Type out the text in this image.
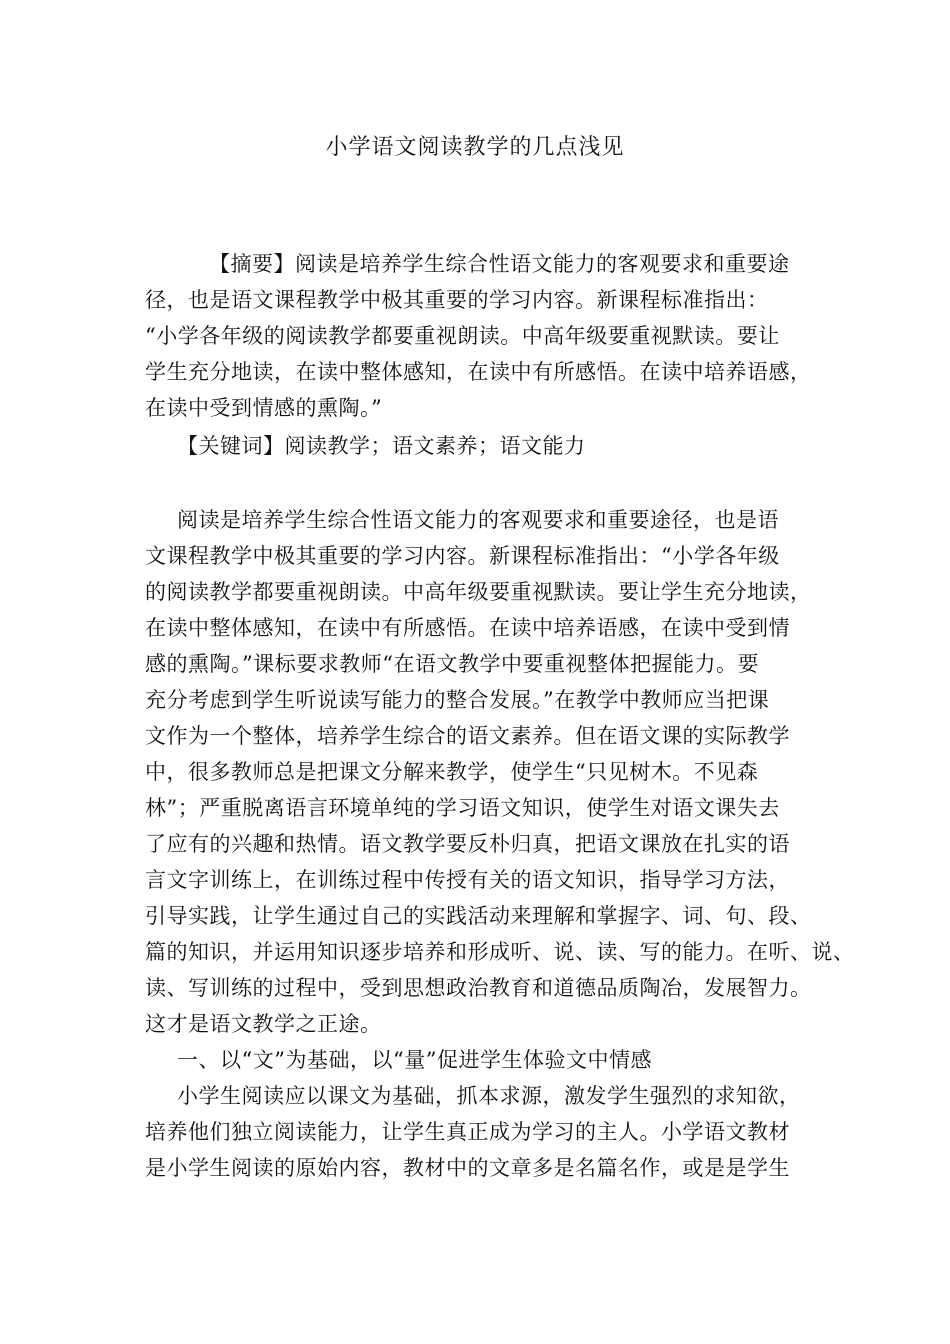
小学语文阅读教学的几点浅见
【摘要】阅读是培养学生综合性语文能力的客观要求和重要途
径，也是语文课程教学中极其重要的学习内容。新课程标准指出：
“小学各年级的阅读教学都要重视朗读。中高年级要重视默读。要让
学生充分地读，在读中整体感知，在读中有所感悟。在读中培养语感，
在读中受到情感的熏陶。”
【关键词】阅读教学；语文素养；语文能力
阅读是培养学生综合性语文能力的客观要求和重要途径，也是语
文课程教学中极其重要的学习内容。新课程标准指出：“小学各年级
的阅读教学都要重视朗读。中高年级要重视默读。要让学生充分地读，
在读中整体感知，在读中有所感悟。在读中培养语感，在读中受到情
感的熏陶。”课标要求教师“在语文教学中要重视整体把握能力。要
充分考虑到学生听说读写能力的整合发展。”在教学中教师应当把课
文作为一个整体，培养学生综合的语文素养。但在语文课的实际教学
中，很多教师总是把课文分解来教学，使学生“只见树木。不见森
林”；严重脱离语言环境单纯的学习语文知识，使学生对语文课失去
了应有的兴趣和热情。语文教学要反朴归真，把语文课放在扎实的语
言文字训练上，在训练过程中传授有关的语文知识，指导学习方法，
引导实践，让学生通过自己的实践活动来理解和掌握字、词、句、段、
篇的知识，并运用知识逐步培养和形成听、说、读、写的能力。在听、说、
读、写训练的过程中，受到思想政治教育和道德品质陶冶，发展智力。
这才是语文教学之正途。
一、以“文”为基础，以“量”促进学生体验文中情感
小学生阅读应以课文为基础，抓本求源，激发学生强烈的求知欲，
培养他们独立阅读能力，让学生真正成为学习的主人。小学语文教材
是小学生阅读的原始内容，教材中的文章多是名篇名作，或是是学生
